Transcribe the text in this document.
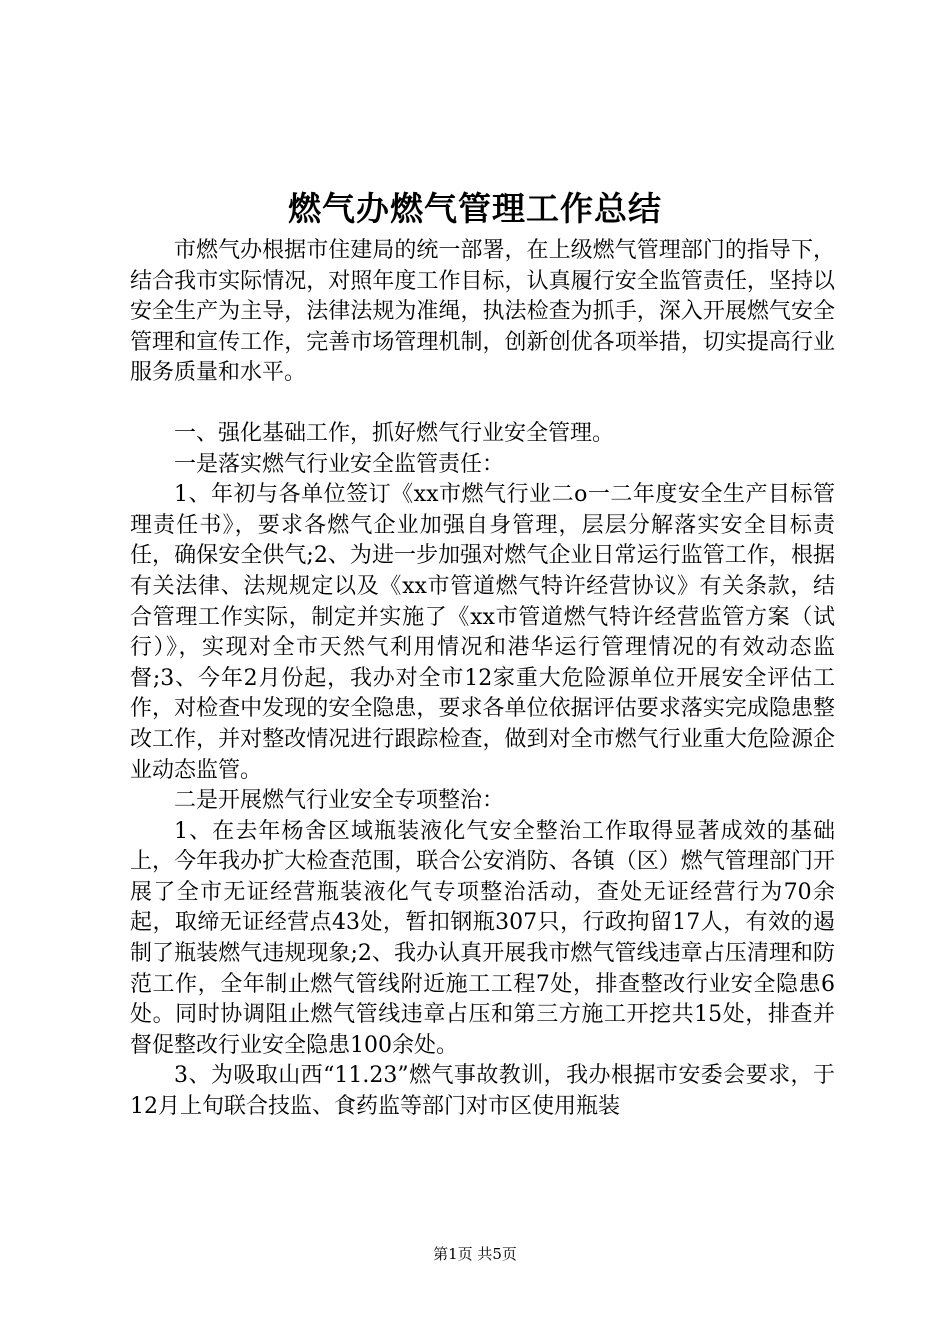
燃气办燃气管理工作总结

市燃气办根据市住建局的统一部署，在上级燃气管理部门的指导下，结合我市实际情况，对照年度工作目标，认真履行安全监管责任，坚持以安全生产为主导，法律法规为准绳，执法检查为抓手，深入开展燃气安全管理和宣传工作，完善市场管理机制，创新创优各项举措，切实提高行业服务质量和水平。

一、强化基础工作，抓好燃气行业安全管理。

一是落实燃气行业安全监管责任：

1、年初与各单位签订《xx市燃气行业二ο一二年度安全生产目标管理责任书》，要求各燃气企业加强自身管理，层层分解落实安全目标责任，确保安全供气;2、为进一步加强对燃气企业日常运行监管工作，根据有关法律、法规规定以及《xx市管道燃气特许经营协议》有关条款，结合管理工作实际，制定并实施了《xx市管道燃气特许经营监管方案（试行）》，实现对全市天然气利用情况和港华运行管理情况的有效动态监督;3、今年2月份起，我办对全市12家重大危险源单位开展安全评估工作，对检查中发现的安全隐患，要求各单位依据评估要求落实完成隐患整改工作，并对整改情况进行跟踪检查，做到对全市燃气行业重大危险源企业动态监管。

二是开展燃气行业安全专项整治：

1、在去年杨舍区域瓶装液化气安全整治工作取得显著成效的基础上，今年我办扩大检查范围，联合公安消防、各镇（区）燃气管理部门开展了全市无证经营瓶装液化气专项整治活动，查处无证经营行为70余起，取缔无证经营点43处，暂扣钢瓶307只，行政拘留17人，有效的遏制了瓶装燃气违规现象;2、我办认真开展我市燃气管线违章占压清理和防范工作，全年制止燃气管线附近施工工程7处，排查整改行业安全隐患6处。同时协调阻止燃气管线违章占压和第三方施工开挖共15处，排查并督促整改行业安全隐患100余处。

3、为吸取山西“11.23”燃气事故教训，我办根据市安委会要求，于12月上旬联合技监、食药监等部门对市区使用瓶装

第1页 共5页
